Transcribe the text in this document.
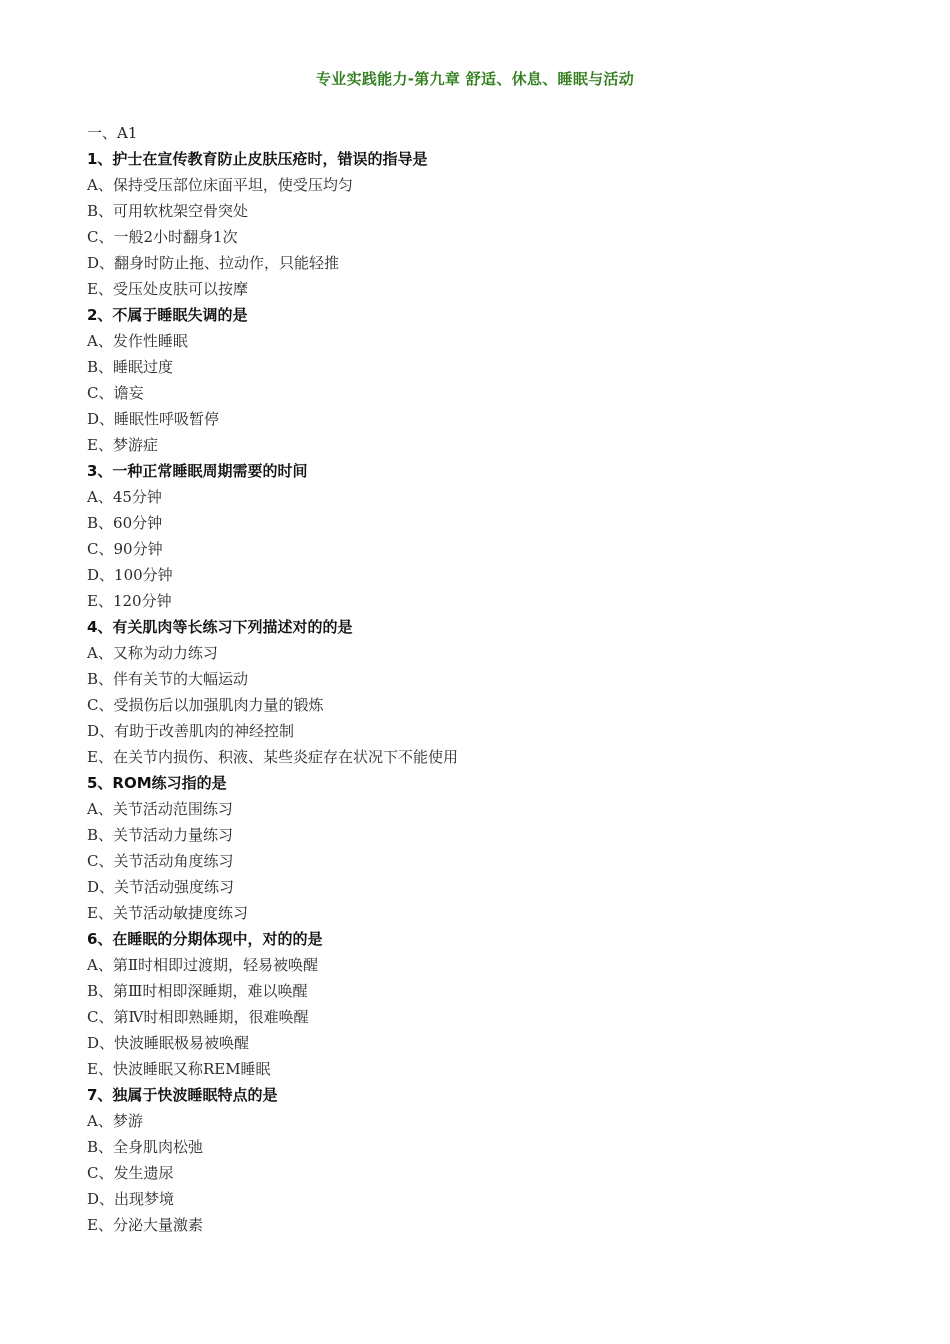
专业实践能力-第九章 舒适、休息、睡眠与活动
一、A1
1、护士在宣传教育防止皮肤压疮时，错误的指导是
A、保持受压部位床面平坦，使受压均匀
B、可用软枕架空骨突处
C、一般2小时翻身1次
D、翻身时防止拖、拉动作，只能轻推
E、受压处皮肤可以按摩
2、不属于睡眠失调的是
A、发作性睡眠
B、睡眠过度
C、谵妄
D、睡眠性呼吸暂停
E、梦游症
3、一种正常睡眠周期需要的时间
A、45分钟
B、60分钟
C、90分钟
D、100分钟
E、120分钟
4、有关肌肉等长练习下列描述对的的是
A、又称为动力练习
B、伴有关节的大幅运动
C、受损伤后以加强肌肉力量的锻炼
D、有助于改善肌肉的神经控制
E、在关节内损伤、积液、某些炎症存在状况下不能使用
5、ROM练习指的是
A、关节活动范围练习
B、关节活动力量练习
C、关节活动角度练习
D、关节活动强度练习
E、关节活动敏捷度练习
6、在睡眠的分期体现中，对的的是
A、第Ⅱ时相即过渡期，轻易被唤醒
B、第Ⅲ时相即深睡期，难以唤醒
C、第Ⅳ时相即熟睡期，很难唤醒
D、快波睡眠极易被唤醒
E、快波睡眠又称REM睡眠
7、独属于快波睡眠特点的是
A、梦游
B、全身肌肉松弛
C、发生遗尿
D、出现梦境
E、分泌大量激素
